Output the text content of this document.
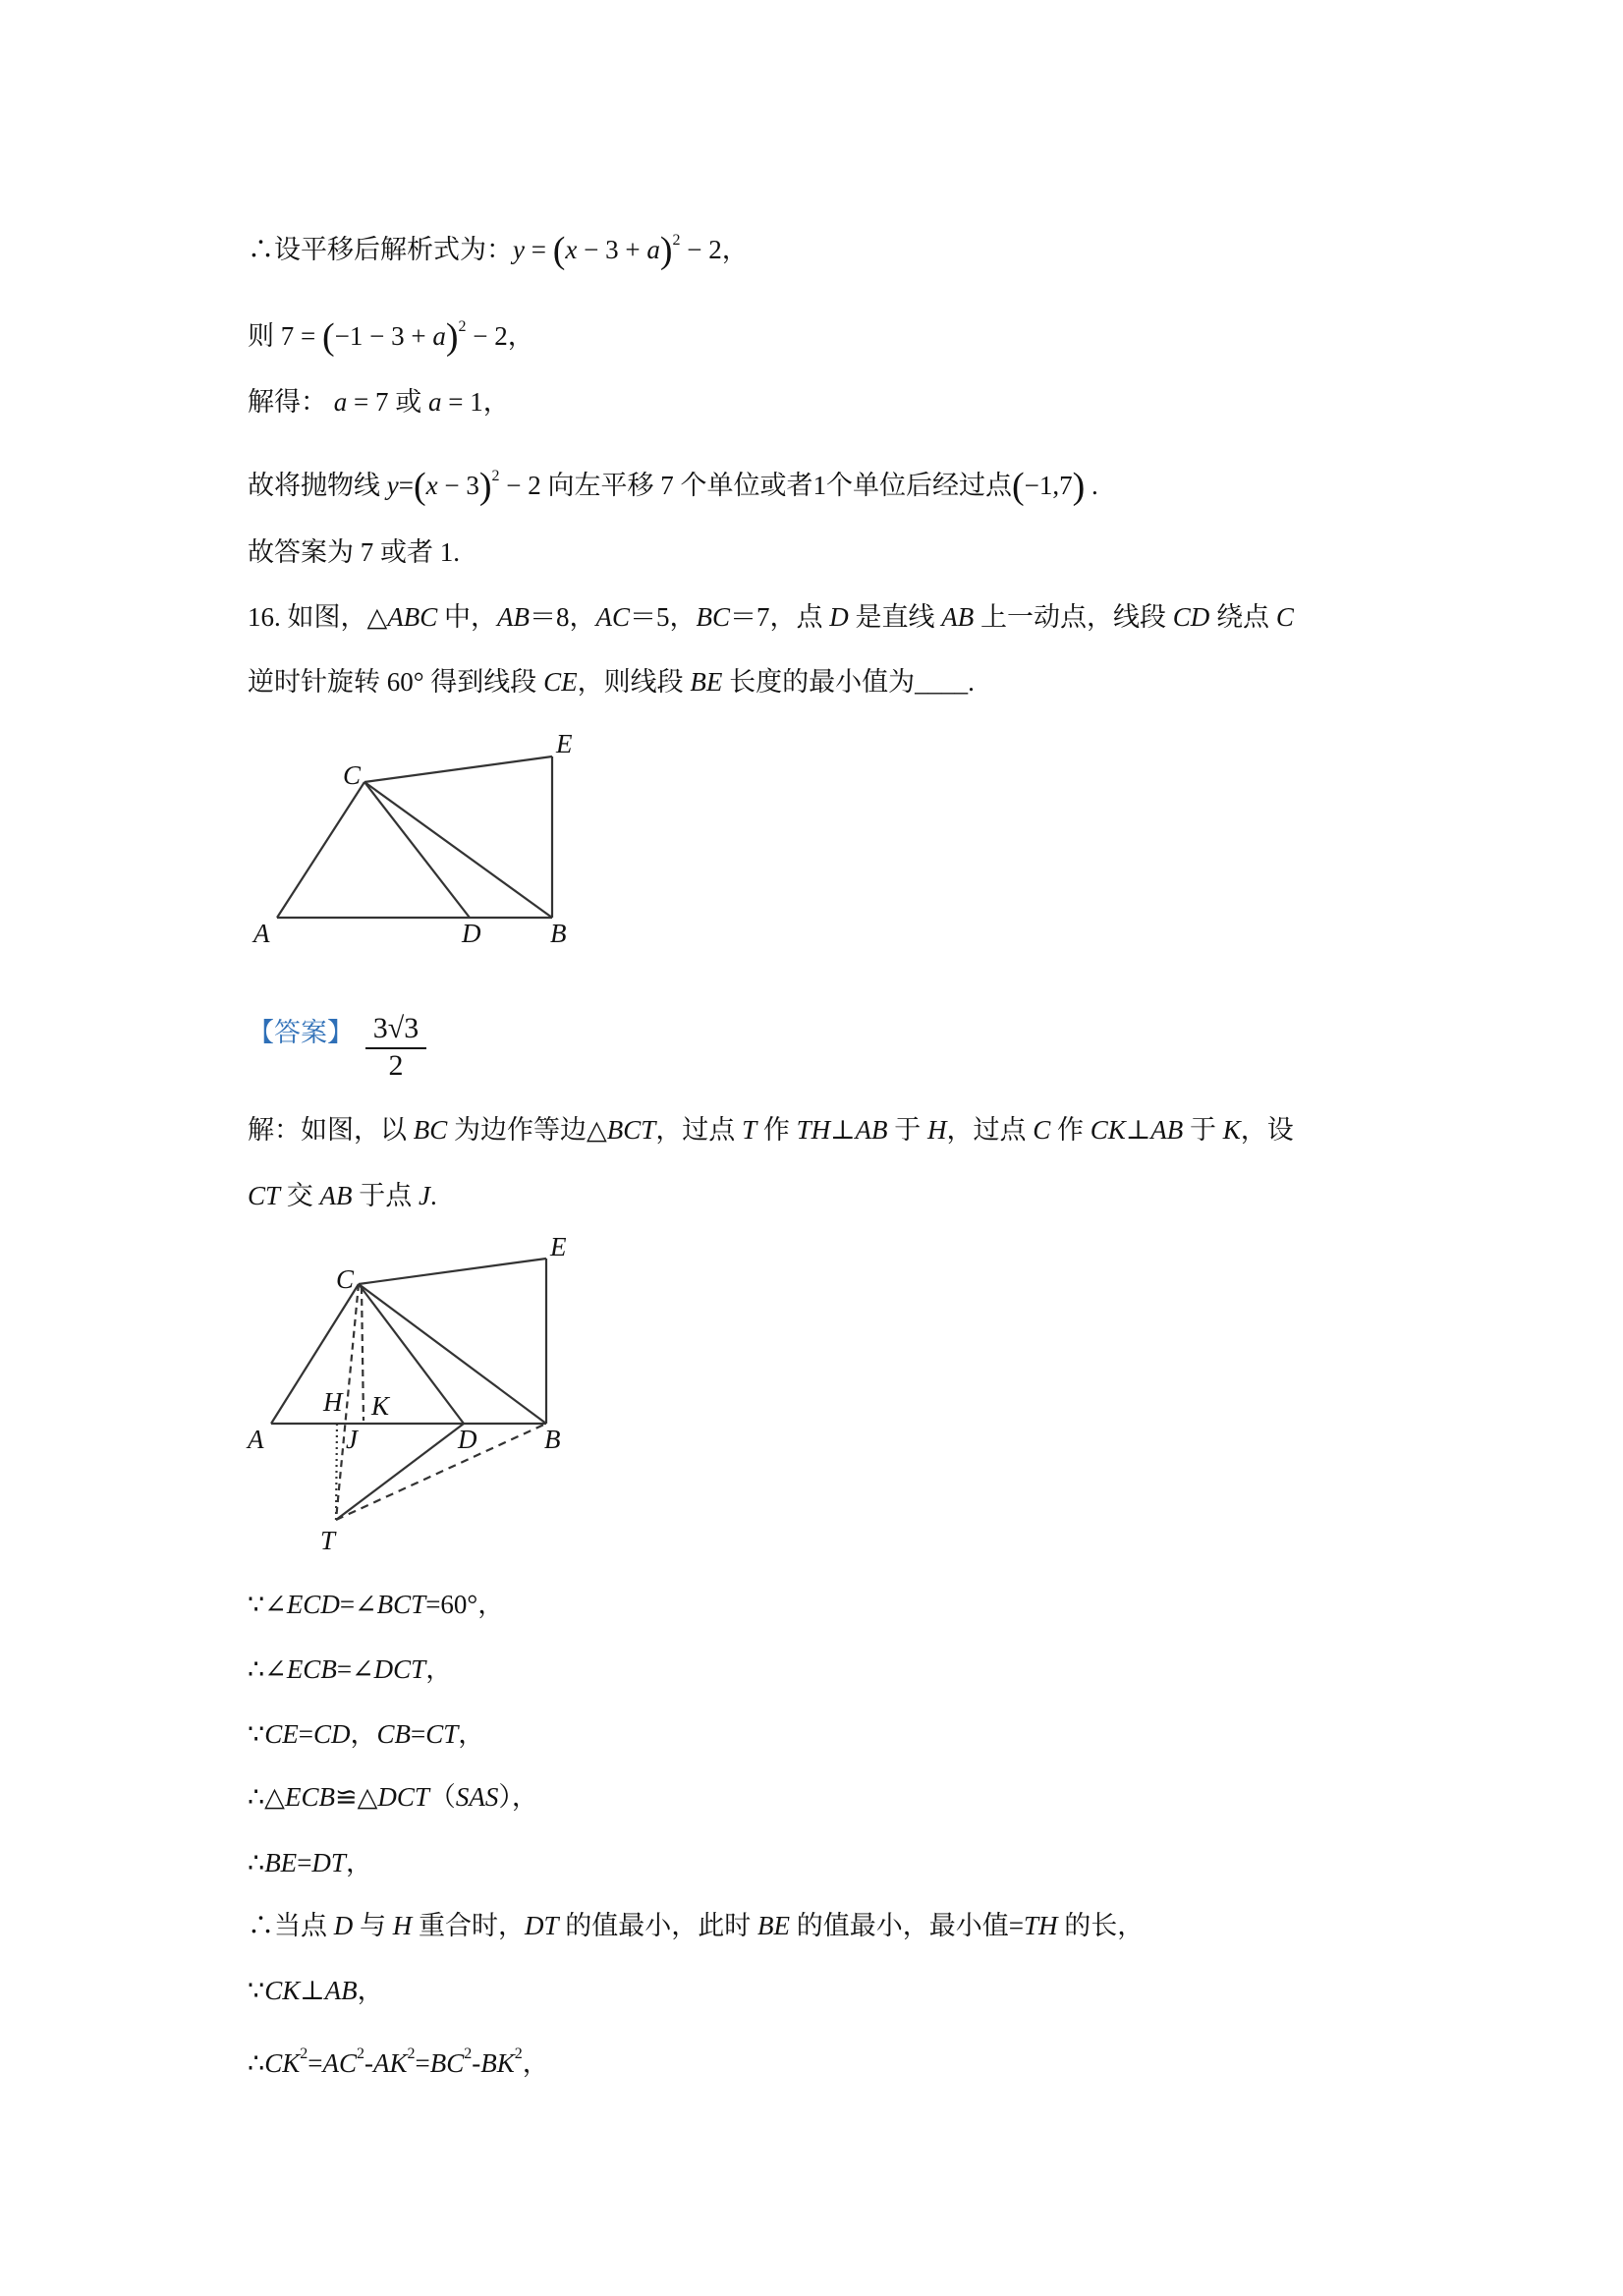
∴设平移后解析式为：$y = (x - 3 + a)^2 - 2$，
则 $7 = (-1 - 3 + a)^2 - 2$，
解得： a = 7 或 a = 1，
故将抛物线 $y=(x - 3)^2 - 2$ 向左平移 7 个单位或者1个单位后经过点(−1,7) .
故答案为 7 或者 1.
16. 如图，△ABC 中，AB＝8，AC＝5，BC＝7，点 D 是直线 AB 上一动点，线段 CD 绕点 C
逆时针旋转 60° 得到线段 CE，则线段 BE 长度的最小值为____.
【答案】
解：如图，以 BC 为边作等边△BCT，过点 T 作 TH⊥AB 于 H，过点 C 作 CK⊥AB 于 K，设
CT 交 AB 于点 J.
∵∠ECD=∠BCT=60°，
∴∠ECB=∠DCT，
∵CE=CD，CB=CT，
∴△ECB≌△DCT（SAS），
∴BE=DT，
∴当点 D 与 H 重合时，DT 的值最小，此时 BE 的值最小，最小值=TH 的长，
∵CK⊥AB，
$\therefore CK^2=AC^2-AK^2=BC^2-BK^2$，
$\frac{3√3}{2}$
C
E
A	D	B
C
E
A
H K
J	D	B
T
